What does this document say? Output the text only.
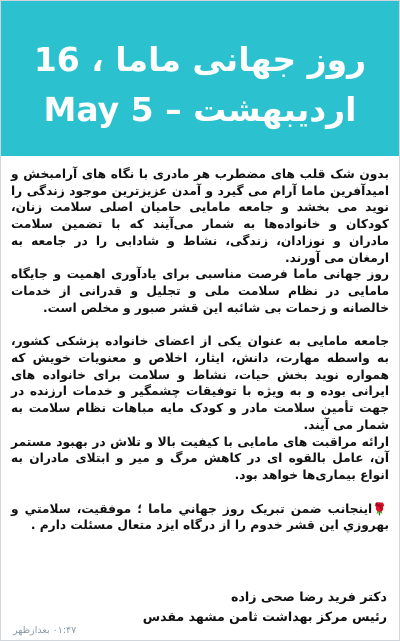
روز جهانی ماما ، 16
اردیبهشت – 5 May

بدون شک قلب های مضطرب هر مادری با نگاه های آرامبخش و امیدآفرین ماما آرام می گیرد و آمدن عزیزترین موجود زندگی را نوید می بخشد و جامعه مامایی حامیان اصلی سلامت زنان، کودکان و خانواده‌ها به شمار می‌آیند که با تضمین سلامت مادران و نوزادان، زندگی، نشاط و شادابی را در جامعه به ارمغان می آورند.

روز جهانی ماما فرصت مناسبی برای یادآوری اهمیت و جایگاه مامایی در نظام سلامت ملی و تجلیل و قدرانی از خدمات خالصانه و زحمات بی شائبه این قشر صبور و مخلص است.

جامعه مامایی به عنوان یکی از اعضای خانواده پزشکی کشور، به واسطه مهارت، دانش، ایثار، اخلاص و معنویات خویش که همواره نوید بخش حیات، نشاط و سلامت برای خانواده های ایرانی بوده و به ویژه با توفیقات چشمگیر و خدمات ارزنده در جهت تأمین سلامت مادر و کودک مایه مباهات نظام سلامت به شمار می آیند.

ارائه مراقبت های مامایی با کیفیت بالا و تلاش در بهبود مستمر آن، عامل بالقوه ای در کاهش مرگ و میر و ابتلای مادران به انواع بیماری‌ها خواهد بود.

🌹اینجانب ضمن تبریک روز جهاني ماما ؛ موفقیت، سلامتي و بهروزي این قشر خدوم را از درگاه ایزد متعال مسئلت دارم .

دکتر فرید رضا صحی زاده
رئیس مرکز بهداشت ثامن مشهد مقدس
۰۱:۴۷ بعدازظهر
